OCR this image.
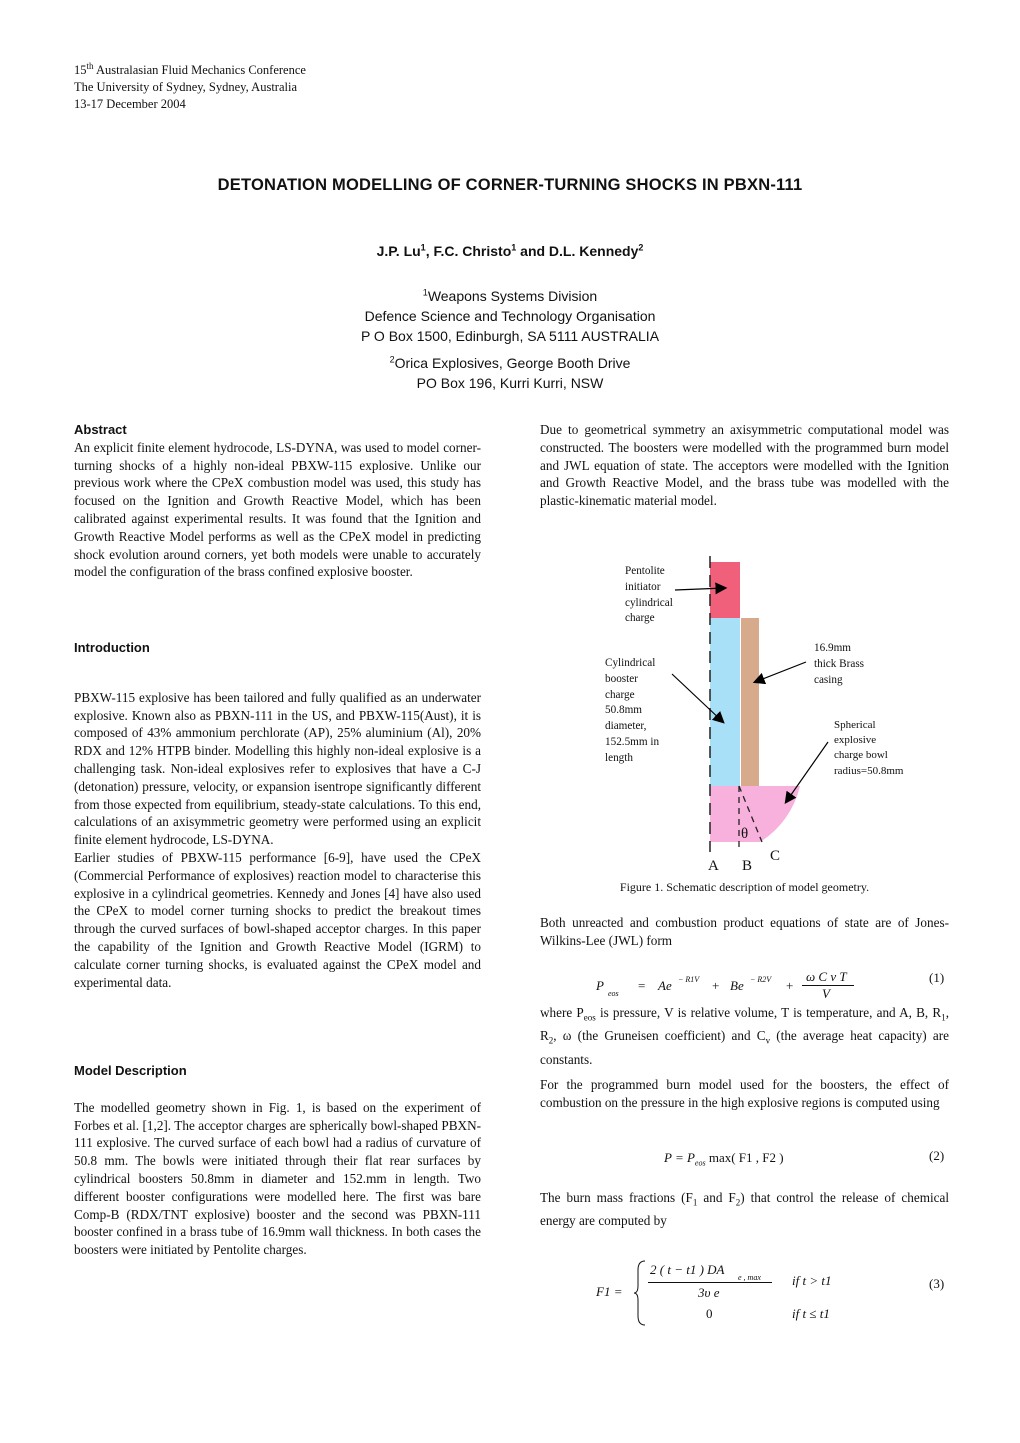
15th Australasian Fluid Mechanics Conference
The University of Sydney, Sydney, Australia
13-17 December 2004
DETONATION MODELLING OF CORNER-TURNING SHOCKS IN PBXN-111
J.P. Lu$^1$, F.C. Christo$^1$ and D.L. Kennedy$^2$
$^1$Weapons Systems Division
Defence Science and Technology Organisation
P O Box 1500, Edinburgh, SA 5111 AUSTRALIA
$^2$Orica Explosives, George Booth Drive
PO Box 196, Kurri Kurri, NSW
Abstract

An explicit finite element hydrocode, LS-DYNA, was used to model corner-turning shocks of a highly non-ideal PBXW-115 explosive. Unlike our previous work where the CPeX combustion model was used, this study has focused on the Ignition and Growth Reactive Model, which has been calibrated against experimental results. It was found that the Ignition and Growth Reactive Model performs as well as the CPeX model in predicting shock evolution around corners, yet both models were unable to accurately model the configuration of the brass confined explosive booster.

Introduction

PBXW-115 explosive has been tailored and fully qualified as an underwater explosive. Known also as PBXN-111 in the US, and PBXW-115(Aust), it is composed of 43% ammonium perchlorate (AP), 25% aluminium (Al), 20% RDX and 12% HTPB binder. Modelling this highly non-ideal explosive is a challenging task. Non-ideal explosives refer to explosives that have a C-J (detonation) pressure, velocity, or expansion isentrope significantly different from those expected from equilibrium, steady-state calculations. To this end, calculations of an axisymmetric geometry were performed using an explicit finite element hydrocode, LS-DYNA.

Earlier studies of PBXW-115 performance [6-9], have used the CPeX (Commercial Performance of explosives) reaction model to characterise this explosive in a cylindrical geometries. Kennedy and Jones [4] have also used the CPeX to model corner turning shocks to predict the breakout times through the curved surfaces of bowl-shaped acceptor charges. In this paper the capability of the Ignition and Growth Reactive Model (IGRM) to calculate corner turning shocks, is evaluated against the CPeX model and experimental data.

Model Description

The modelled geometry shown in Fig. 1, is based on the experiment of Forbes et al. [1,2]. The acceptor charges are spherically bowl-shaped PBXN-111 explosive. The curved surface of each bowl had a radius of curvature of 50.8 mm. The bowls were initiated through their flat rear surfaces by cylindrical boosters 50.8mm in diameter and 152.mm in length. Two different booster configurations were modelled here. The first was bare Comp-B (RDX/TNT explosive) booster and the second was PBXN-111 booster confined in a brass tube of 16.9mm wall thickness. In both cases the boosters were initiated by Pentolite charges.

Due to geometrical symmetry an axisymmetric computational model was constructed. The boosters were modelled with the programmed burn model and JWL equation of state. The acceptors were modelled with the Ignition and Growth Reactive Model, and the brass tube was modelled with the plastic-kinematic material model.
Pentolite
initiator
cylindrical
charge
16.9mm
thick Brass
casing
Cylindrical
booster
charge
50.8mm
diameter,
152.5mm in
length
Spherical
explosive
charge bowl
radius=50.8mm
θ
A B
C
Figure 1. Schematic description of model geometry.
Both unreacted and combustion product equations of state are of Jones-Wilkins-Lee (JWL) form
P
eos
= Ae − R1V + Be − R2V +
ω C v T
V
(1)
where $P_{eos}$ is pressure, V is relative volume, T is temperature, and A, B, $R_1$, $R_2$, ω (the Gruneisen coefficient) and $C_v$ (the average heat capacity) are constants.
For the programmed burn model used for the boosters, the effect of combustion on the pressure in the high explosive regions is computed using
$P = P_{eos}$ max( F1 , F2 )	(2)
The burn mass fractions ($F_1$ and $F_2$) that control the release of chemical energy are computed by
F1 =
2 ( t − t1 ) DA
e , max
3υ e
if t > t1
0	if t ≤ t1
(3)
